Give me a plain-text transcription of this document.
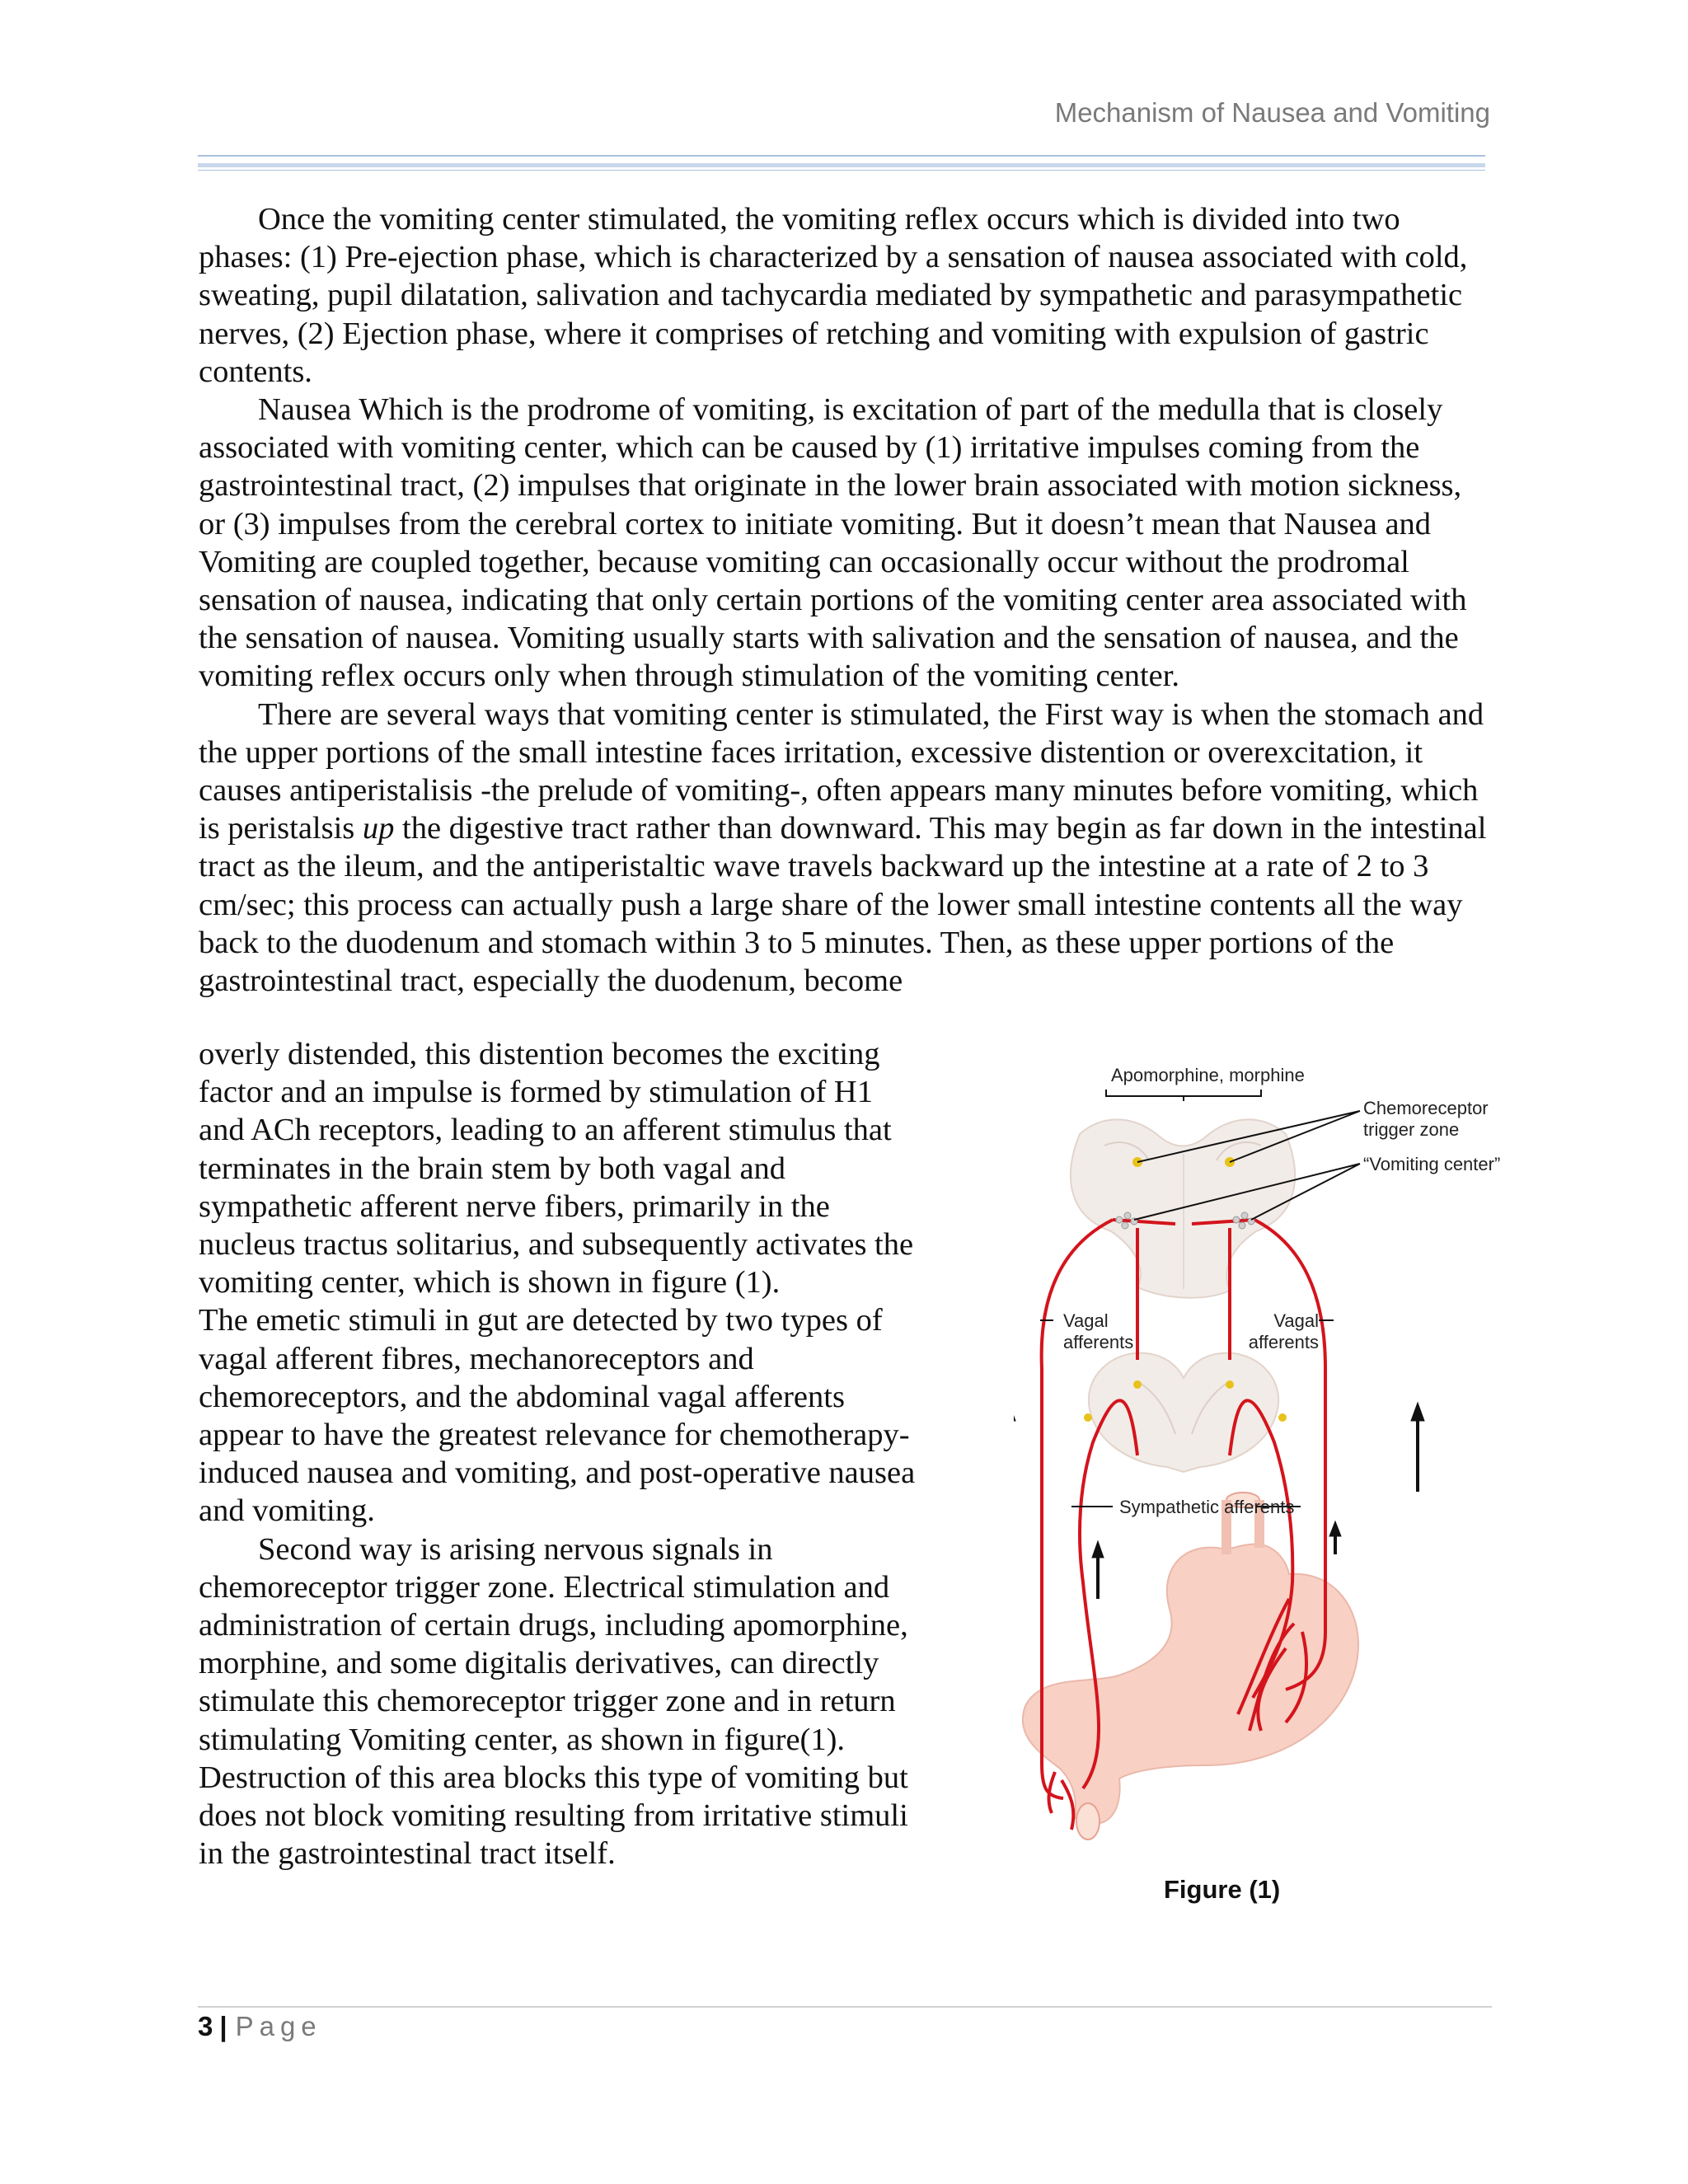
Mechanism of Nausea and Vomiting

Once the vomiting center stimulated, the vomiting reflex occurs which is divided into two phases: (1) Pre-ejection phase, which is characterized by a sensation of nausea associated with cold, sweating, pupil dilatation, salivation and tachycardia mediated by sympathetic and parasympathetic nerves, (2) Ejection phase, where it comprises of retching and vomiting with expulsion of gastric contents.

Nausea Which is the prodrome of vomiting, is excitation of part of the medulla that is closely associated with vomiting center, which can be caused by (1) irritative impulses coming from the gastrointestinal tract, (2) impulses that originate in the lower brain associated with motion sickness, or (3) impulses from the cerebral cortex to initiate vomiting. But it doesn’t mean that Nausea and Vomiting are coupled together, because vomiting can occasionally occur without the prodromal sensation of nausea, indicating that only certain portions of the vomiting center area associated with the sensation of nausea. Vomiting usually starts with salivation and the sensation of nausea, and the vomiting reflex occurs only when through stimulation of the vomiting center.

There are several ways that vomiting center is stimulated, the First way is when the stomach and the upper portions of the small intestine faces irritation, excessive distention or overexcitation, it causes antiperistalisis -the prelude of vomiting-, often appears many minutes before vomiting, which is peristalsis up the digestive tract rather than downward. This may begin as far down in the intestinal tract as the ileum, and the antiperistaltic wave travels backward up the intestine at a rate of 2 to 3 cm/sec; this process can actually push a large share of the lower small intestine contents all the way back to the duodenum and stomach within 3 to 5 minutes. Then, as these upper portions of the gastrointestinal tract, especially the duodenum, become

overly distended, this distention becomes the exciting factor and an impulse is formed by stimulation of H1 and ACh receptors, leading to an afferent stimulus that terminates in the brain stem by both vagal and sympathetic afferent nerve fibers, primarily in the nucleus tractus solitarius, and subsequently activates the vomiting center, which is shown in figure (1).

The emetic stimuli in gut are detected by two types of vagal afferent fibres, mechanoreceptors and chemoreceptors, and the abdominal vagal afferents appear to have the greatest relevance for chemotherapy-induced nausea and vomiting, and post-operative nausea and vomiting.

Second way is arising nervous signals in chemoreceptor trigger zone. Electrical stimulation and administration of certain drugs, including apomorphine, morphine, and some digitalis derivatives, can directly stimulate this chemoreceptor trigger zone and in return stimulating Vomiting center, as shown in figure(1). Destruction of this area blocks this type of vomiting but does not block vomiting resulting from irritative stimuli in the gastrointestinal tract itself.

Apomorphine, morphine
Chemoreceptor trigger zone
“Vomiting center”
Vagal afferents
Vagal afferents
Sympathetic afferents
Figure (1)
3 | Page
